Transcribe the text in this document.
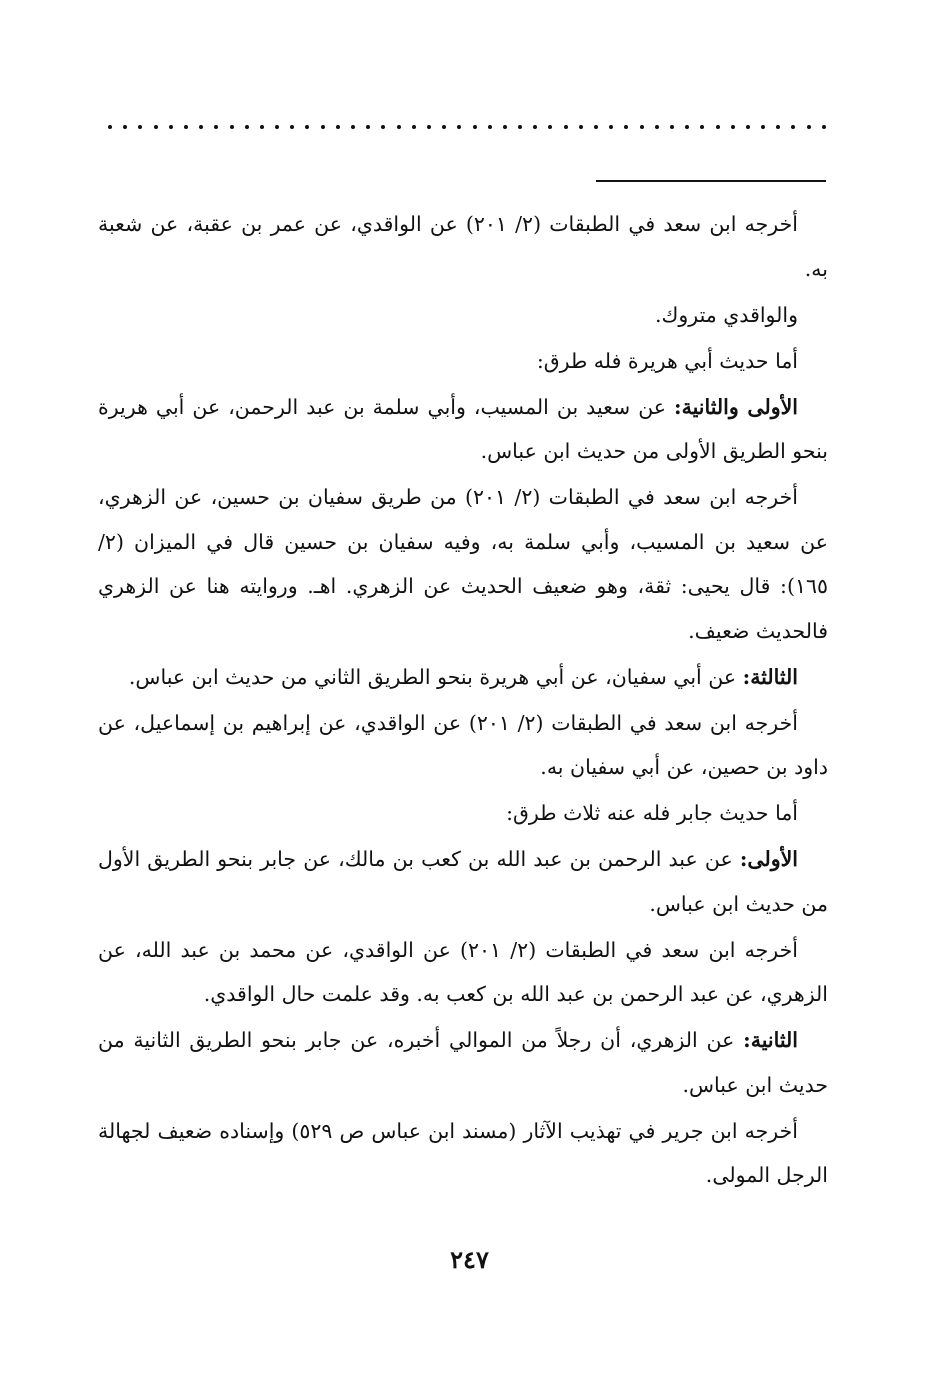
أخرجه ابن سعد في الطبقات (٢/ ٢٠١) عن الواقدي، عن عمر بن عقبة، عن شعبة به.

والواقدي متروك.

أما حديث أبي هريرة فله طرق:

الأولى والثانية: عن سعيد بن المسيب، وأبي سلمة بن عبد الرحمن، عن أبي هريرة بنحو الطريق الأولى من حديث ابن عباس.

أخرجه ابن سعد في الطبقات (٢/ ٢٠١) من طريق سفيان بن حسين، عن الزهري، عن سعيد بن المسيب، وأبي سلمة به، وفيه سفيان بن حسين قال في الميزان (٢/ ١٦٥): قال يحيى: ثقة، وهو ضعيف الحديث عن الزهري. اهـ. وروايته هنا عن الزهري فالحديث ضعيف.

الثالثة: عن أبي سفيان، عن أبي هريرة بنحو الطريق الثاني من حديث ابن عباس.

أخرجه ابن سعد في الطبقات (٢/ ٢٠١) عن الواقدي، عن إبراهيم بن إسماعيل، عن داود بن حصين، عن أبي سفيان به.

أما حديث جابر فله عنه ثلاث طرق:

الأولى: عن عبد الرحمن بن عبد الله بن كعب بن مالك، عن جابر بنحو الطريق الأول من حديث ابن عباس.

أخرجه ابن سعد في الطبقات (٢/ ٢٠١) عن الواقدي، عن محمد بن عبد الله، عن الزهري، عن عبد الرحمن بن عبد الله بن كعب به. وقد علمت حال الواقدي.

الثانية: عن الزهري، أن رجلاً من الموالي أخبره، عن جابر بنحو الطريق الثانية من حديث ابن عباس.

أخرجه ابن جرير في تهذيب الآثار (مسند ابن عباس ص ٥٢٩) وإسناده ضعيف لجهالة الرجل المولى.

٢٤٧
